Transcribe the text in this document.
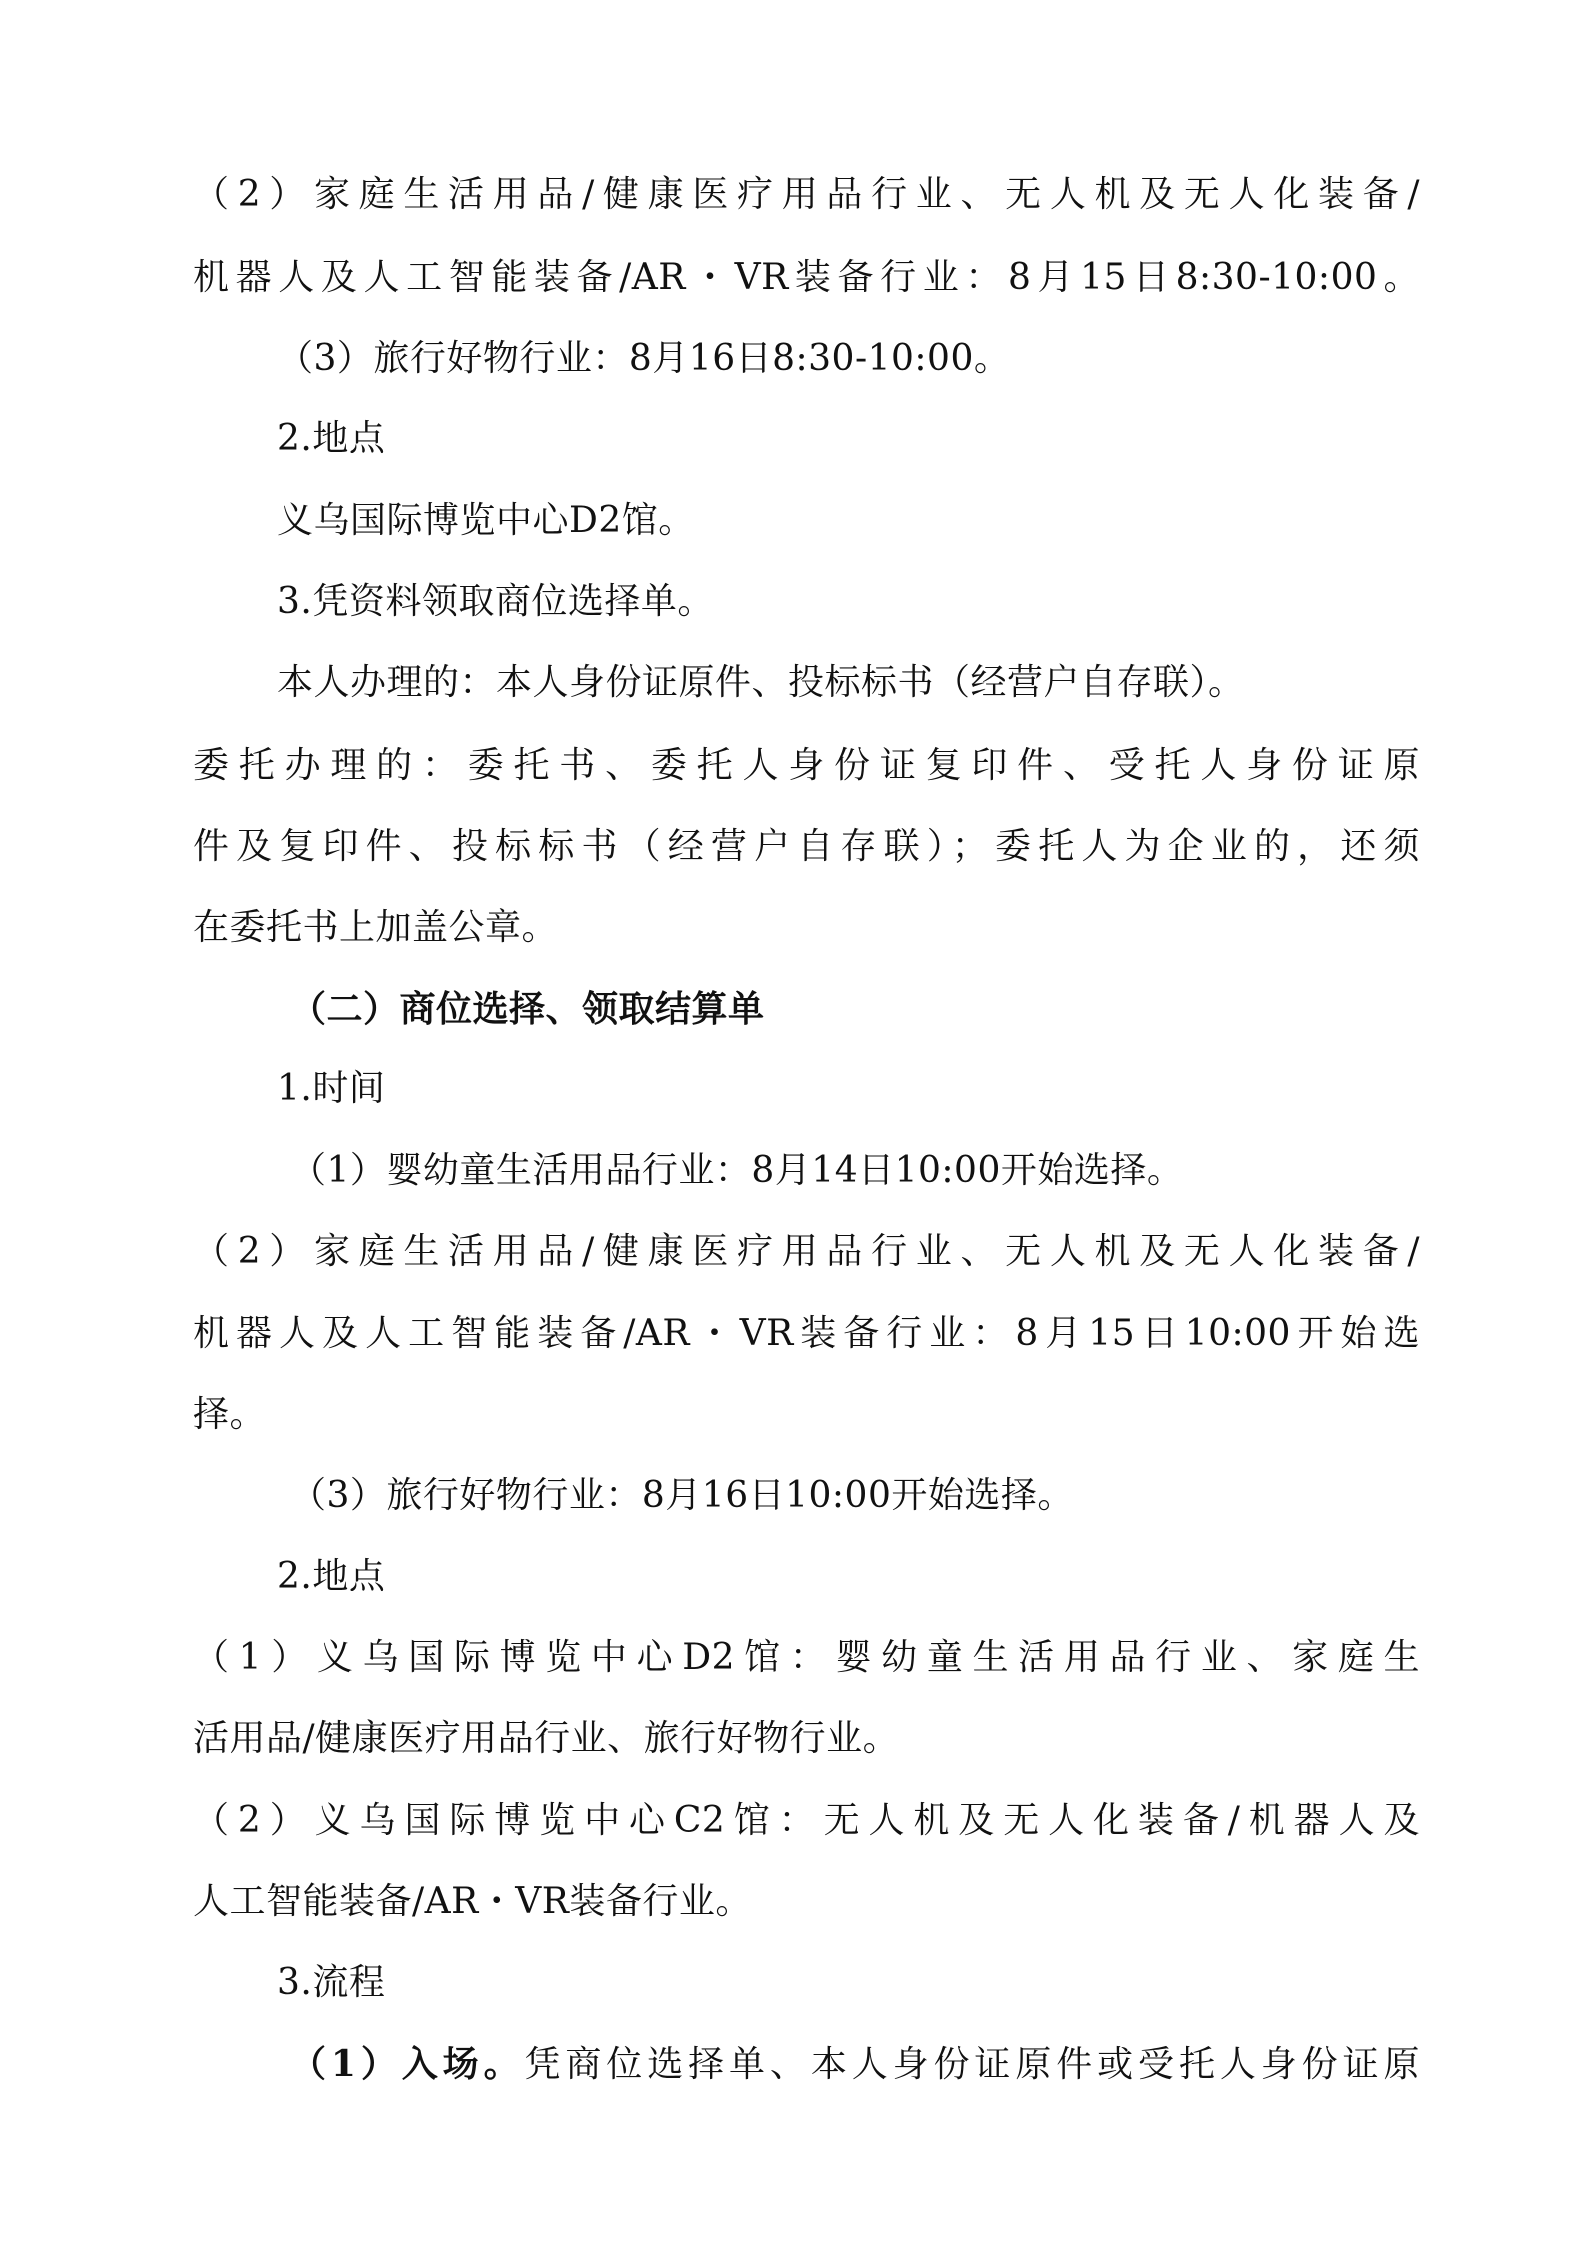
（2）家庭生活用品/健康医疗用品行业、无人机及无人化装备/
机器人及人工智能装备/AR・VR装备行业：8月15日8:30-10:00。
（3）旅行好物行业：8月16日8:30-10:00。
2.地点
义乌国际博览中心D2馆。
3.凭资料领取商位选择单。
本人办理的：本人身份证原件、投标标书（经营户自存联）。
委托办理的：委托书、委托人身份证复印件、受托人身份证原
件及复印件、投标标书（经营户自存联）；委托人为企业的，还须
在委托书上加盖公章。
（二）商位选择、领取结算单
1.时间
（1）婴幼童生活用品行业：8月14日10:00开始选择。
（2）家庭生活用品/健康医疗用品行业、无人机及无人化装备/
机器人及人工智能装备/AR・VR装备行业：8月15日10:00开始选
择。
（3）旅行好物行业：8月16日10:00开始选择。
2.地点
（1）义乌国际博览中心D2馆：婴幼童生活用品行业、家庭生
活用品/健康医疗用品行业、旅行好物行业。
（2）义乌国际博览中心C2馆：无人机及无人化装备/机器人及
人工智能装备/AR・VR装备行业。
3.流程
（1）入场。凭商位选择单、本人身份证原件或受托人身份证原
